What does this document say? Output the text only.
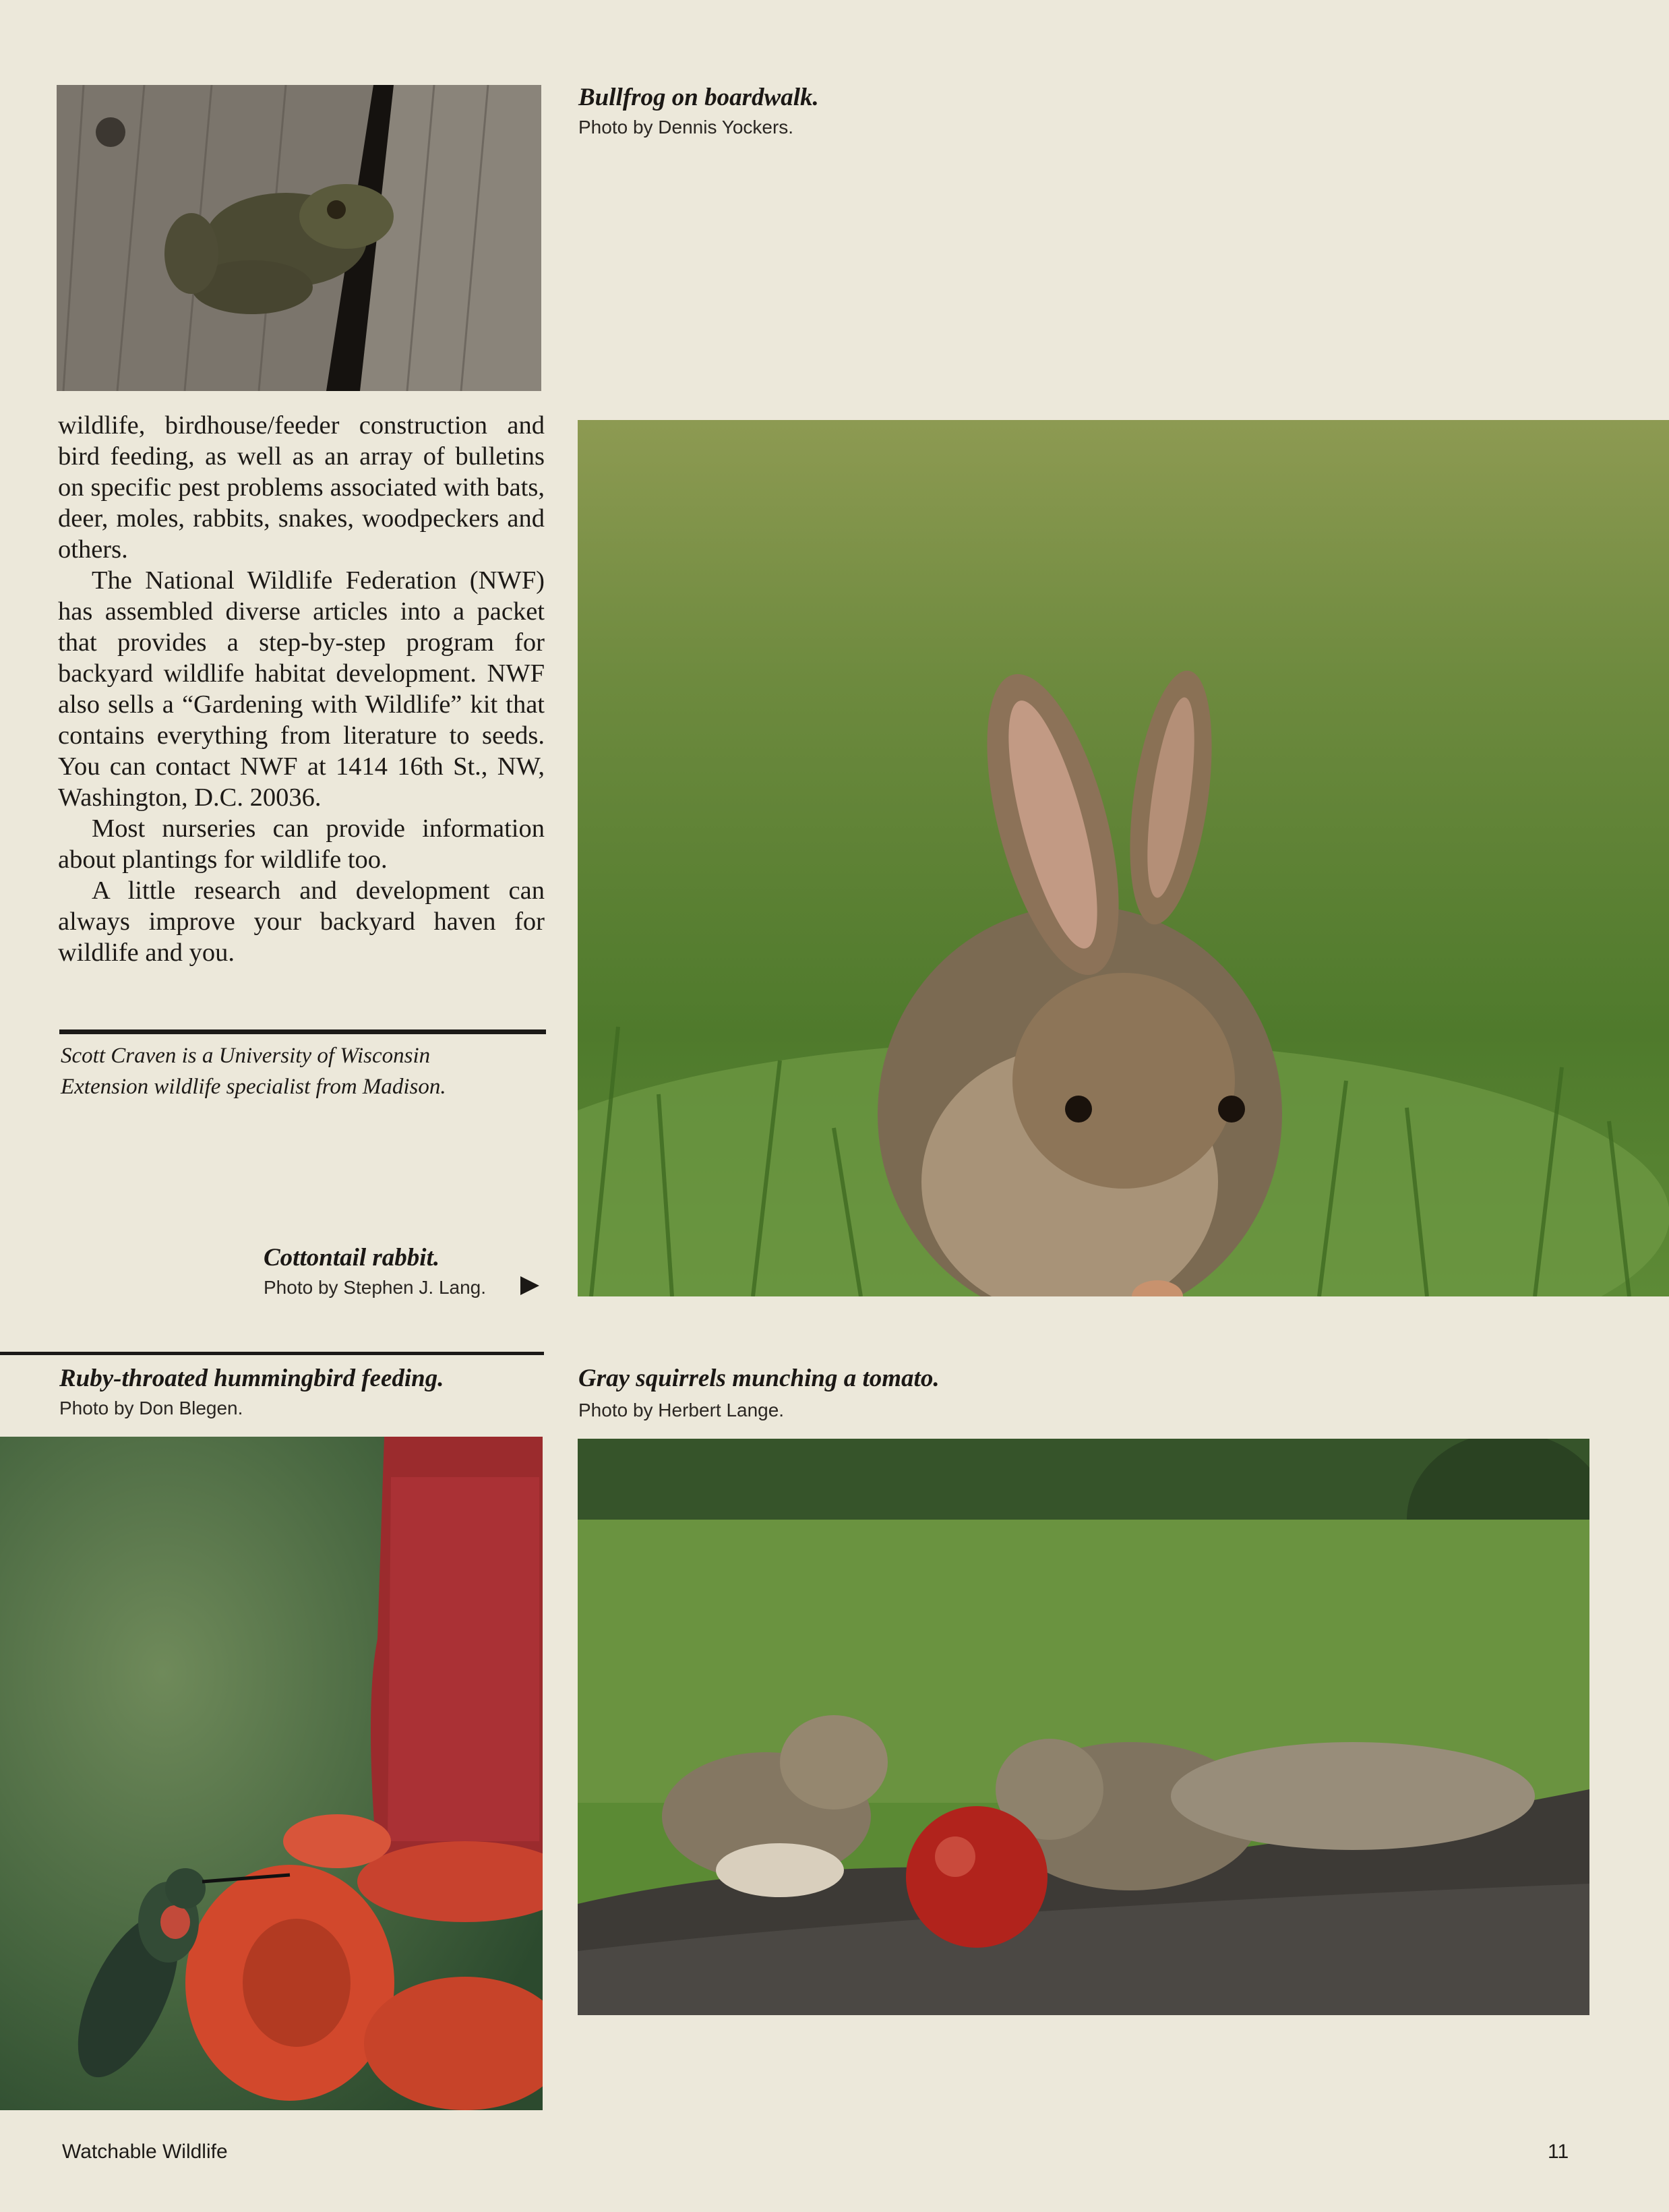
Bullfrog on boardwalk.

Photo by Dennis Yockers.

wildlife, birdhouse/feeder construction and bird feeding, as well as an array of bulletins on specific pest problems associated with bats, deer, moles, rabbits, snakes, woodpeckers and others.

The National Wildlife Federation (NWF) has assembled diverse articles into a packet that provides a step-by-step program for backyard wildlife habitat development. NWF also sells a “Gardening with Wildlife” kit that contains everything from literature to seeds. You can contact NWF at 1414 16th St., NW, Washington, D.C. 20036.

Most nurseries can provide information about plantings for wildlife too.

A little research and development can always improve your backyard haven for wildlife and you.

Scott Craven is a University of Wisconsin
Extension wildlife specialist from Madison.

Cottontail rabbit.

Photo by Stephen J. Lang.

Ruby-throated hummingbird feeding.

Photo by Don Blegen.

Gray squirrels munching a tomato.

Photo by Herbert Lange.

Watchable Wildlife	11
